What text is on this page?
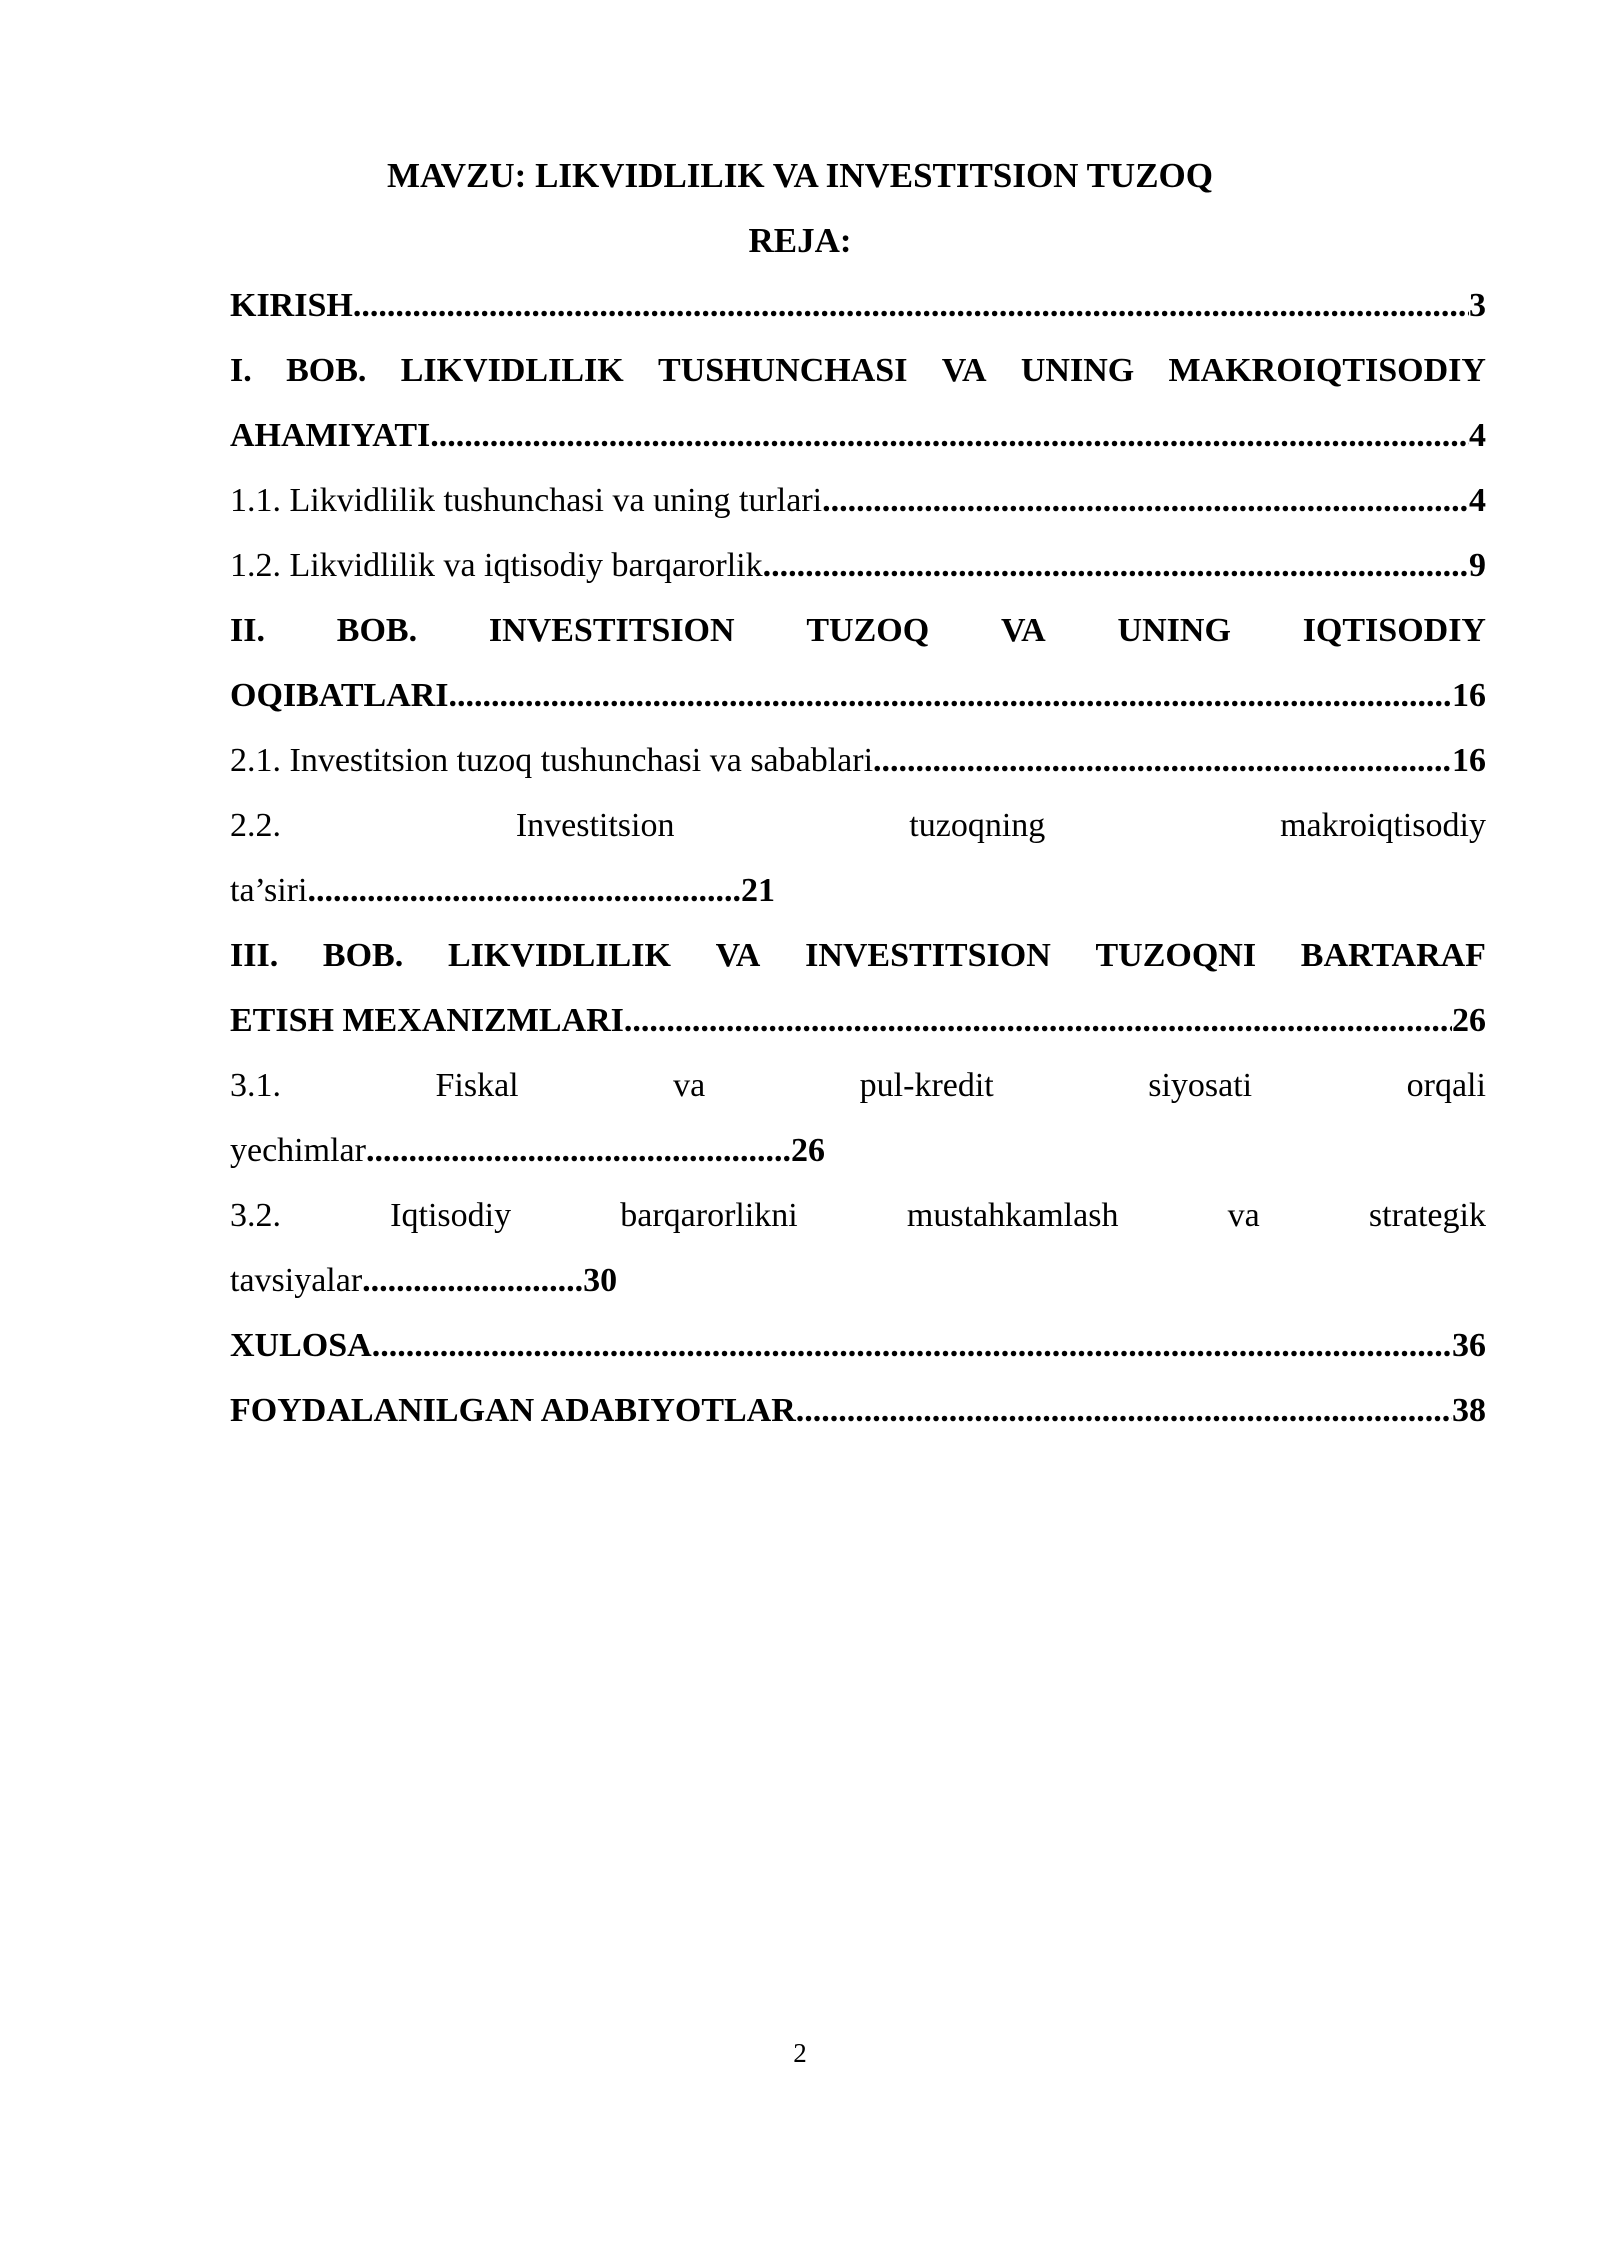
MAVZU: LIKVIDLILIK VA INVESTITSION TUZOQ
REJA:
KIRISH .....	3
I. BOB. LIKVIDLILIK TUSHUNCHASI VA UNING MAKROIQTISODIY
AHAMIYATI .....	4
1.1. Likvidlilik tushunchasi va uning turlari .....	4
1.2. Likvidlilik va iqtisodiy barqarorlik .....	9
II. BOB. INVESTITSION TUZOQ VA UNING IQTISODIY
OQIBATLARI .....	16
2.1. Investitsion tuzoq tushunchasi va sabablari .....	16
2.2.	Investitsion	tuzoqning	makroiqtisodiy
ta’siri...................................................21
III. BOB. LIKVIDLILIK VA INVESTITSION TUZOQNI BARTARAF
ETISH MEXANIZMLARI .....	26
3.1.	Fiskal	va	pul-kredit	siyosati	orqali
yechimlar..................................................26
3.2.	Iqtisodiy	barqarorlikni	mustahkamlash	va	strategik
tavsiyalar..........................30
XULOSA .....	36
FOYDALANILGAN ADABIYOTLAR .....	38
2
